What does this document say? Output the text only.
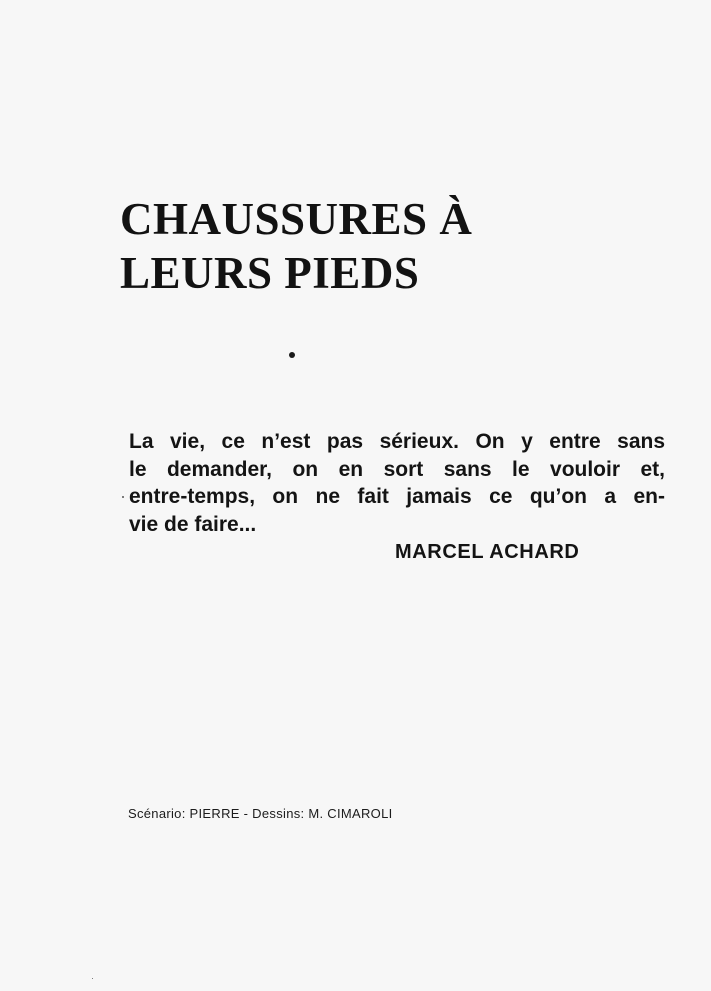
CHAUSSURES À
LEURS PIEDS

La vie, ce n’est pas sérieux. On y entre sans
le demander, on en sort sans le vouloir et,
entre-temps, on ne fait jamais ce qu’on a en-
vie de faire...

MARCEL ACHARD

Scénario: PIERRE - Dessins: M. CIMAROLI
